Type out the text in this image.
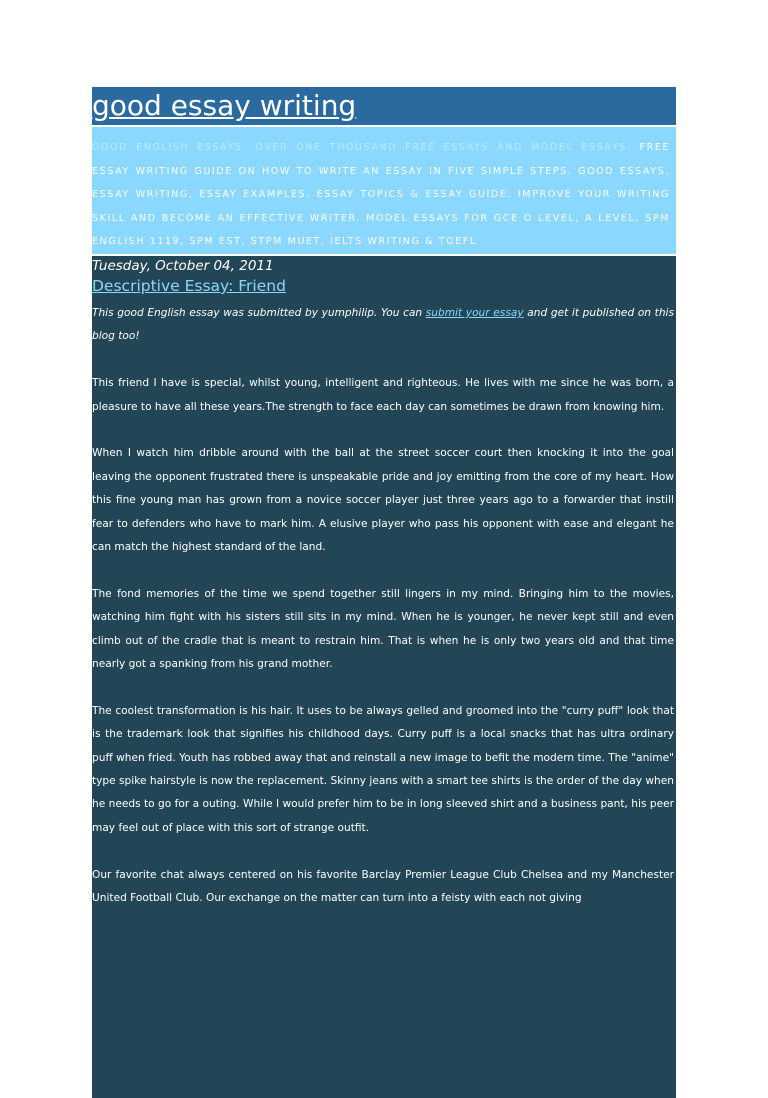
good essay writing
GOOD ENGLISH ESSAYS. OVER ONE THOUSAND FREE ESSAYS AND MODEL ESSAYS. FREE ESSAY WRITING GUIDE ON HOW TO WRITE AN ESSAY IN FIVE SIMPLE STEPS. GOOD ESSAYS, ESSAY WRITING, ESSAY EXAMPLES, ESSAY TOPICS & ESSAY GUIDE. IMPROVE YOUR WRITING SKILL AND BECOME AN EFFECTIVE WRITER. MODEL ESSAYS FOR GCE O LEVEL, A LEVEL, SPM ENGLISH 1119, SPM EST, STPM MUET, IELTS WRITING & TOEFL
Tuesday, October 04, 2011
Descriptive Essay: Friend

This good English essay was submitted by yumphilip. You can submit your essay and get it published on this blog too!

This friend I have is special, whilst young, intelligent and righteous. He lives with me since he was born, a pleasure to have all these years.The strength to face each day can sometimes be drawn from knowing him.

When I watch him dribble around with the ball at the street soccer court then knocking it into the goal leaving the opponent frustrated there is unspeakable pride and joy emitting from the core of my heart. How this fine young man has grown from a novice soccer player just three years ago to a forwarder that instill fear to defenders who have to mark him. A elusive player who pass his opponent with ease and elegant he can match the highest standard of the land.

The fond memories of the time we spend together still lingers in my mind. Bringing him to the movies, watching him fight with his sisters still sits in my mind. When he is younger, he never kept still and even climb out of the cradle that is meant to restrain him. That is when he is only two years old and that time nearly got a spanking from his grand mother.

The coolest transformation is his hair. It uses to be always gelled and groomed into the "curry puff" look that is the trademark look that signifies his childhood days. Curry puff is a local snacks that has ultra ordinary puff when fried. Youth has robbed away that and reinstall a new image to befit the modern time. The "anime" type spike hairstyle is now the replacement. Skinny jeans with a smart tee shirts is the order of the day when he needs to go for a outing. While I would prefer him to be in long sleeved shirt and a business pant, his peer may feel out of place with this sort of strange outfit.

Our favorite chat always centered on his favorite Barclay Premier League Club Chelsea and my Manchester United Football Club. Our exchange on the matter can turn into a feisty with each not giving
